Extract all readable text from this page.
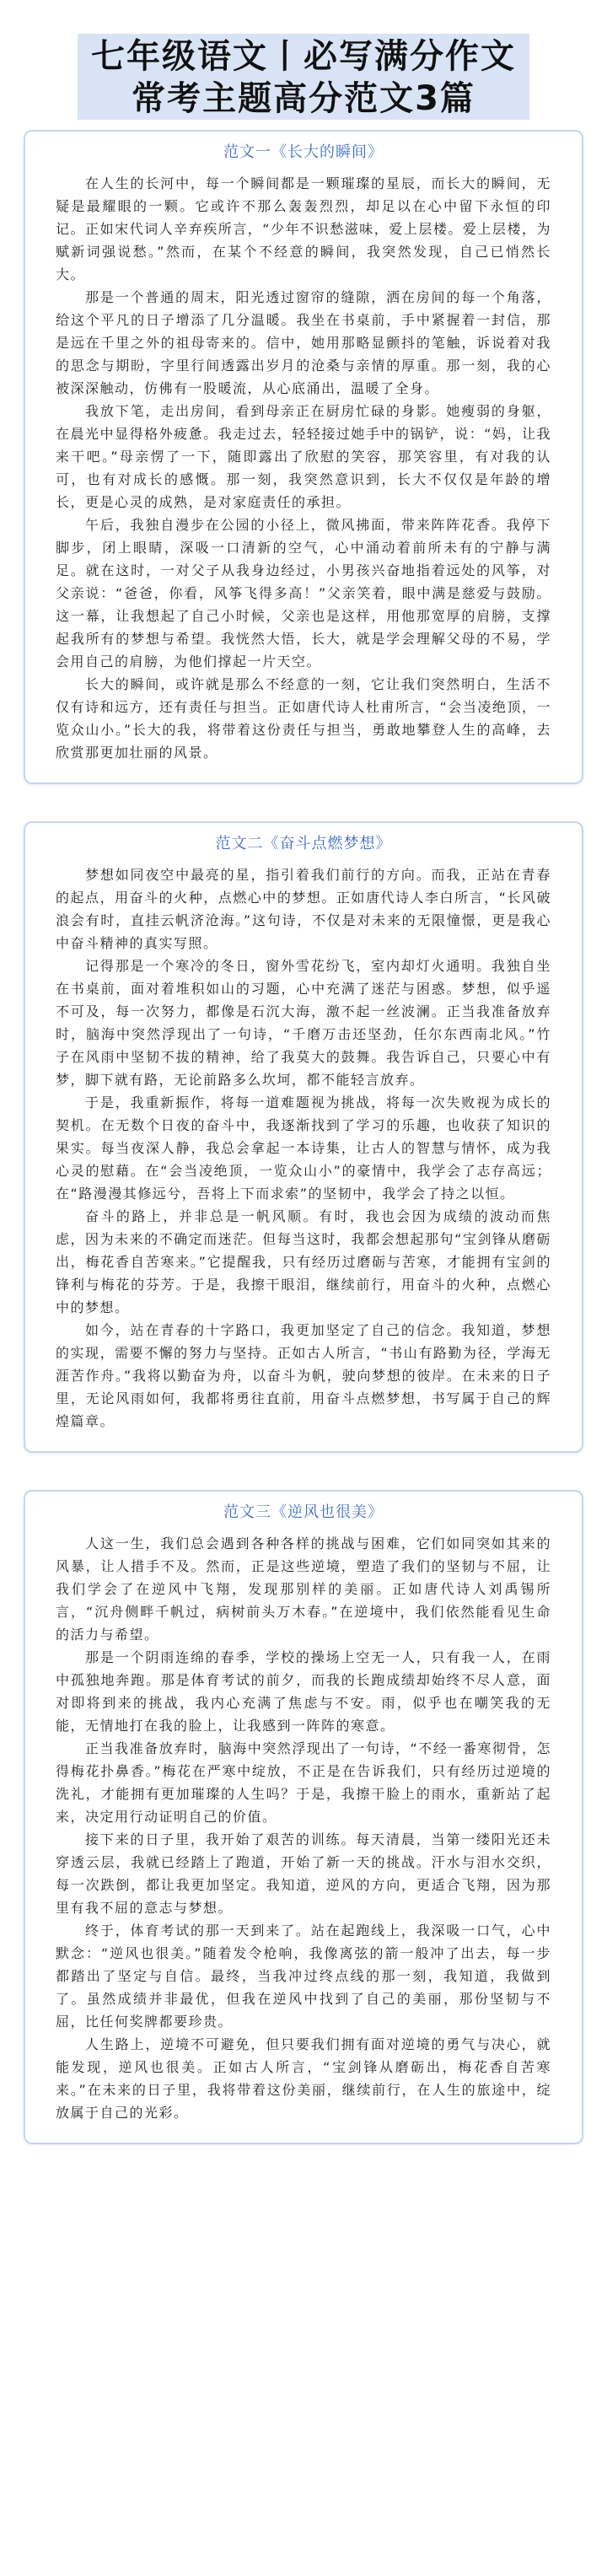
七年级语文丨必写满分作文
常考主题高分范文3篇
范文一《长大的瞬间》

在人生的长河中，每一个瞬间都是一颗璀璨的星辰，而长大的瞬间，无疑是最耀眼的一颗。它或许不那么轰轰烈烈，却足以在心中留下永恒的印记。正如宋代词人辛弃疾所言，“少年不识愁滋味，爱上层楼。爱上层楼，为赋新词强说愁。”然而，在某个不经意的瞬间，我突然发现，自己已悄然长大。

那是一个普通的周末，阳光透过窗帘的缝隙，洒在房间的每一个角落，给这个平凡的日子增添了几分温暖。我坐在书桌前，手中紧握着一封信，那是远在千里之外的祖母寄来的。信中，她用那略显颤抖的笔触，诉说着对我的思念与期盼，字里行间透露出岁月的沧桑与亲情的厚重。那一刻，我的心被深深触动，仿佛有一股暖流，从心底涌出，温暖了全身。

我放下笔，走出房间，看到母亲正在厨房忙碌的身影。她瘦弱的身躯，在晨光中显得格外疲惫。我走过去，轻轻接过她手中的锅铲，说：“妈，让我来干吧。”母亲愣了一下，随即露出了欣慰的笑容，那笑容里，有对我的认可，也有对成长的感慨。那一刻，我突然意识到，长大不仅仅是年龄的增长，更是心灵的成熟，是对家庭责任的承担。

午后，我独自漫步在公园的小径上，微风拂面，带来阵阵花香。我停下脚步，闭上眼睛，深吸一口清新的空气，心中涌动着前所未有的宁静与满足。就在这时，一对父子从我身边经过，小男孩兴奋地指着远处的风筝，对父亲说：“爸爸，你看，风筝飞得多高！”父亲笑着，眼中满是慈爱与鼓励。这一幕，让我想起了自己小时候，父亲也是这样，用他那宽厚的肩膀，支撑起我所有的梦想与希望。我恍然大悟，长大，就是学会理解父母的不易，学会用自己的肩膀，为他们撑起一片天空。

长大的瞬间，或许就是那么不经意的一刻，它让我们突然明白，生活不仅有诗和远方，还有责任与担当。正如唐代诗人杜甫所言，“会当凌绝顶，一览众山小。”长大的我，将带着这份责任与担当，勇敢地攀登人生的高峰，去欣赏那更加壮丽的风景。

范文二《奋斗点燃梦想》

梦想如同夜空中最亮的星，指引着我们前行的方向。而我，正站在青春的起点，用奋斗的火种，点燃心中的梦想。正如唐代诗人李白所言，“长风破浪会有时，直挂云帆济沧海。”这句诗，不仅是对未来的无限憧憬，更是我心中奋斗精神的真实写照。

记得那是一个寒冷的冬日，窗外雪花纷飞，室内却灯火通明。我独自坐在书桌前，面对着堆积如山的习题，心中充满了迷茫与困惑。梦想，似乎遥不可及，每一次努力，都像是石沉大海，激不起一丝波澜。正当我准备放弃时，脑海中突然浮现出了一句诗，“千磨万击还坚劲，任尔东西南北风。”竹子在风雨中坚韧不拔的精神，给了我莫大的鼓舞。我告诉自己，只要心中有梦，脚下就有路，无论前路多么坎坷，都不能轻言放弃。

于是，我重新振作，将每一道难题视为挑战，将每一次失败视为成长的契机。在无数个日夜的奋斗中，我逐渐找到了学习的乐趣，也收获了知识的果实。每当夜深人静，我总会拿起一本诗集，让古人的智慧与情怀，成为我心灵的慰藉。在“会当凌绝顶，一览众山小”的豪情中，我学会了志存高远；在“路漫漫其修远兮，吾将上下而求索”的坚韧中，我学会了持之以恒。

奋斗的路上，并非总是一帆风顺。有时，我也会因为成绩的波动而焦虑，因为未来的不确定而迷茫。但每当这时，我都会想起那句“宝剑锋从磨砺出，梅花香自苦寒来。”它提醒我，只有经历过磨砺与苦寒，才能拥有宝剑的锋利与梅花的芬芳。于是，我擦干眼泪，继续前行，用奋斗的火种，点燃心中的梦想。

如今，站在青春的十字路口，我更加坚定了自己的信念。我知道，梦想的实现，需要不懈的努力与坚持。正如古人所言，“书山有路勤为径，学海无涯苦作舟。”我将以勤奋为舟，以奋斗为帆，驶向梦想的彼岸。在未来的日子里，无论风雨如何，我都将勇往直前，用奋斗点燃梦想，书写属于自己的辉煌篇章。

范文三《逆风也很美》

人这一生，我们总会遇到各种各样的挑战与困难，它们如同突如其来的风暴，让人措手不及。然而，正是这些逆境，塑造了我们的坚韧与不屈，让我们学会了在逆风中飞翔，发现那别样的美丽。正如唐代诗人刘禹锡所言，“沉舟侧畔千帆过，病树前头万木春。”在逆境中，我们依然能看见生命的活力与希望。

那是一个阴雨连绵的春季，学校的操场上空无一人，只有我一人，在雨中孤独地奔跑。那是体育考试的前夕，而我的长跑成绩却始终不尽人意，面对即将到来的挑战，我内心充满了焦虑与不安。雨，似乎也在嘲笑我的无能，无情地打在我的脸上，让我感到一阵阵的寒意。

正当我准备放弃时，脑海中突然浮现出了一句诗，“不经一番寒彻骨，怎得梅花扑鼻香。”梅花在严寒中绽放，不正是在告诉我们，只有经历过逆境的洗礼，才能拥有更加璀璨的人生吗？于是，我擦干脸上的雨水，重新站了起来，决定用行动证明自己的价值。

接下来的日子里，我开始了艰苦的训练。每天清晨，当第一缕阳光还未穿透云层，我就已经踏上了跑道，开始了新一天的挑战。汗水与泪水交织，每一次跌倒，都让我更加坚定。我知道，逆风的方向，更适合飞翔，因为那里有我不屈的意志与梦想。

终于，体育考试的那一天到来了。站在起跑线上，我深吸一口气，心中默念：“逆风也很美。”随着发令枪响，我像离弦的箭一般冲了出去，每一步都踏出了坚定与自信。最终，当我冲过终点线的那一刻，我知道，我做到了。虽然成绩并非最优，但我在逆风中找到了自己的美丽，那份坚韧与不屈，比任何奖牌都要珍贵。

人生路上，逆境不可避免，但只要我们拥有面对逆境的勇气与决心，就能发现，逆风也很美。正如古人所言，“宝剑锋从磨砺出，梅花香自苦寒来。”在未来的日子里，我将带着这份美丽，继续前行，在人生的旅途中，绽放属于自己的光彩。
